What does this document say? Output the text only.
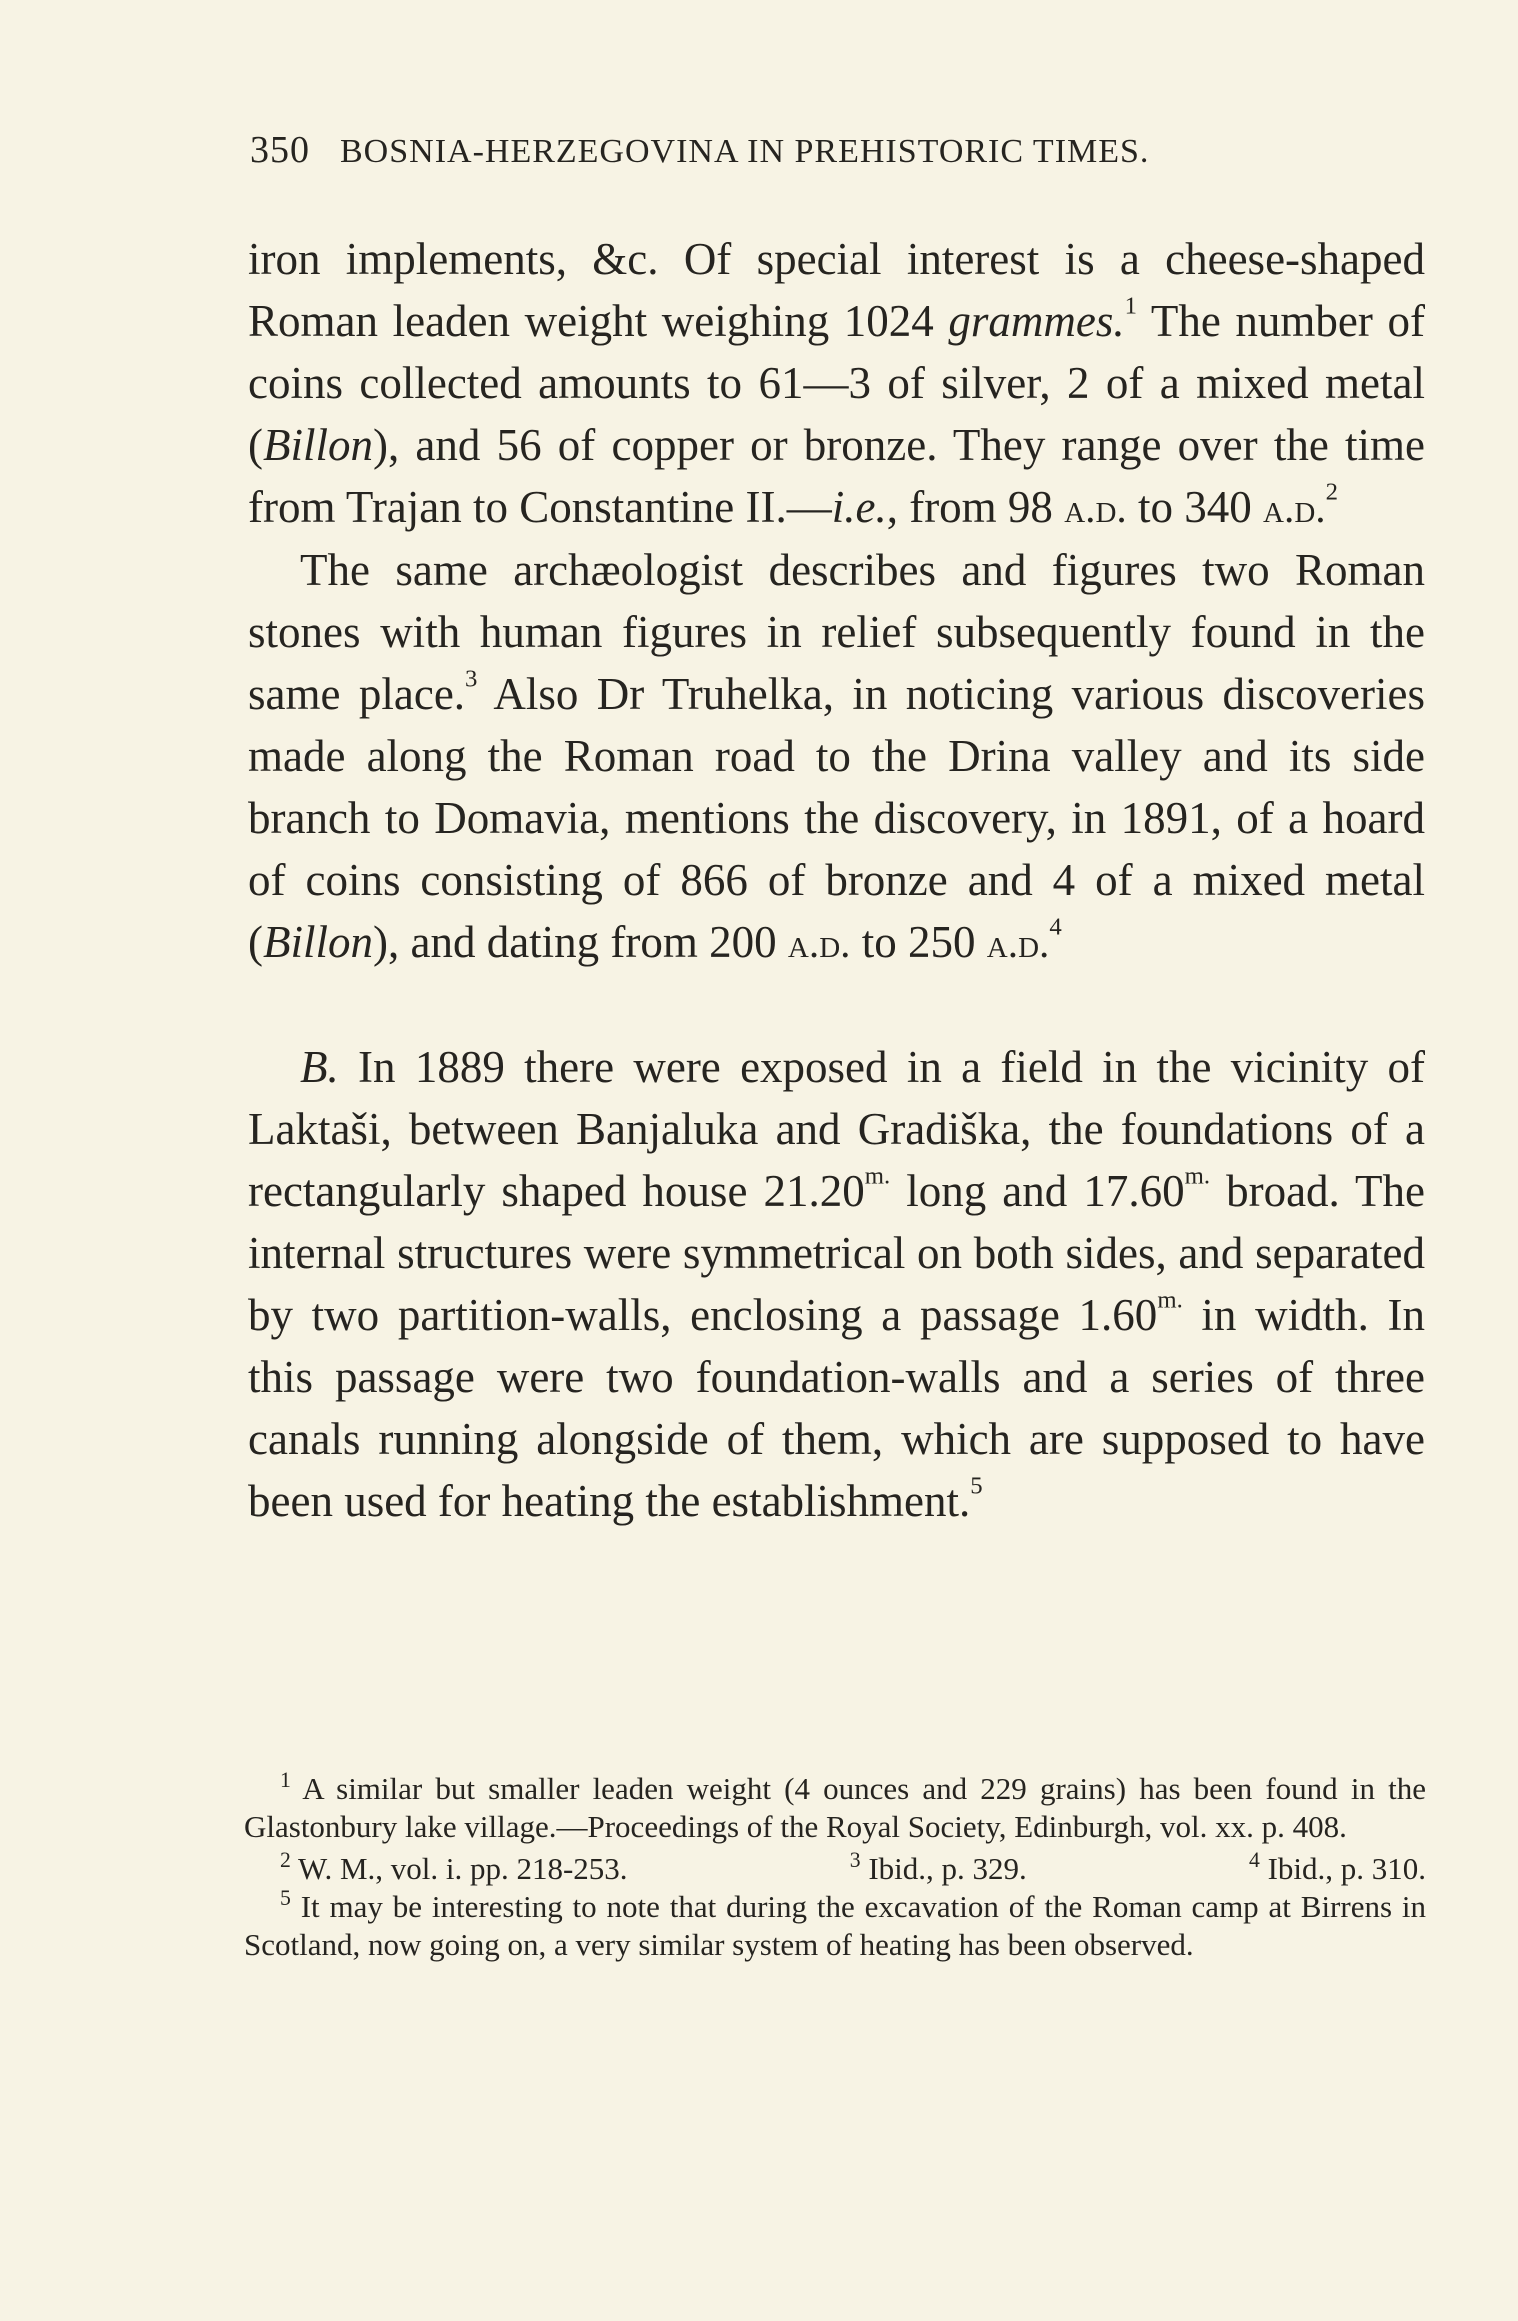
350 BOSNIA-HERZEGOVINA IN PREHISTORIC TIMES.

iron implements, &c. Of special interest is a cheese-shaped Roman leaden weight weighing 1024 grammes.$^1$ The number of coins collected amounts to 61—3 of silver, 2 of a mixed metal (Billon), and 56 of copper or bronze. They range over the time from Trajan to Constantine II.—i.e., from 98 a.d. to 340 a.d.$^2$

The same archæologist describes and figures two Roman stones with human figures in relief subsequently found in the same place.$^3$ Also Dr Truhelka, in noticing various discoveries made along the Roman road to the Drina valley and its side branch to Domavia, mentions the discovery, in 1891, of a hoard of coins consisting of 866 of bronze and 4 of a mixed metal (Billon), and dating from 200 a.d. to 250 a.d.$^4$

B. In 1889 there were exposed in a field in the vicinity of Laktaši, between Banjaluka and Gradiška, the foundations of a rectangularly shaped house $21.20^{m.}$ long and $17.60^{m.}$ broad. The internal structures were symmetrical on both sides, and separated by two partition-walls, enclosing a passage $1.60^{m.}$ in width. In this passage were two foundation-walls and a series of three canals running alongside of them, which are supposed to have been used for heating the establishment.$^5$

$^1$ A similar but smaller leaden weight (4 ounces and 229 grains) has been found in the Glastonbury lake village.—Proceedings of the Royal Society, Edinburgh, vol. xx. p. 408.

$^2$ W. M., vol. i. pp. 218-253.	$^3$ Ibid., p. 329.	$^4$ Ibid., p. 310.

$^5$ It may be interesting to note that during the excavation of the Roman camp at Birrens in Scotland, now going on, a very similar system of heating has been observed.
